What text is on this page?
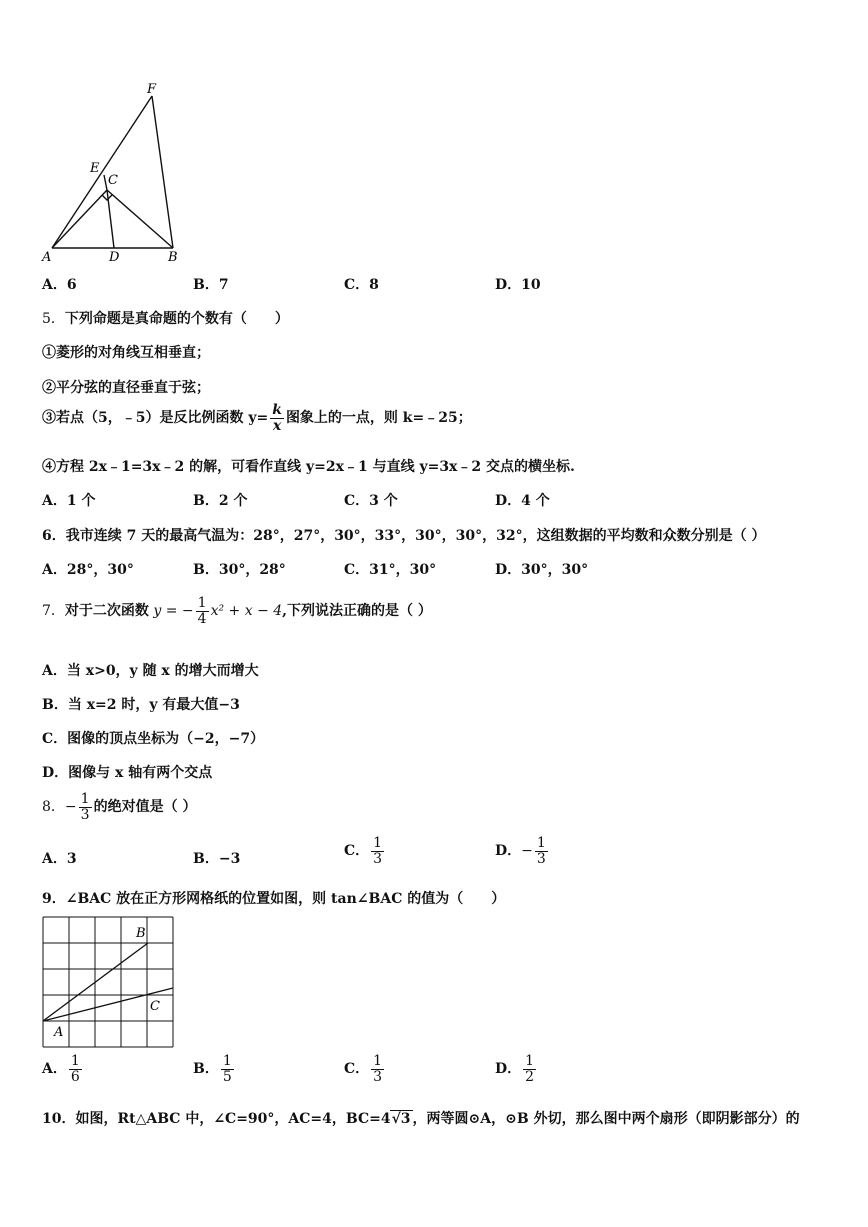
F
E
C
A	D	B
A．6	B．7	C．8	D．10
5．下列命题是真命题的个数有（　　）
①菱形的对角线互相垂直；
②平分弦的直径垂直于弦；
③若点（5，﹣5）是反比例函数 $y= \frac{k}{x}$ 图象上的一点，则 k=﹣25；
④方程 2x﹣1=3x﹣2 的解，可看作直线 y=2x﹣1 与直线 y=3x﹣2 交点的横坐标.
A．1 个	B．2 个	C．3 个	D．4 个
6．我市连续 7 天的最高气温为：28°，27°，30°，33°，30°，30°，32°，这组数据的平均数和众数分别是（ ）
A．28°，30°	B．30°，28°	C．31°，30°	D．30°，30°
7．对于二次函数 y = − $\frac{1}{4} x^2 + x - 4$,下列说法正确的是（ ）
A．当 x>0，y 随 x 的增大而增大
B．当 x=2 时，y 有最大值−3
C．图像的顶点坐标为（−2，−7）
D．图像与 x 轴有两个交点
8．− $\frac{1}{3}$ 的绝对值是（ ）
A．3	B．−3	C． $\frac{1}{3}$	D．− $\frac{1}{3}$
9．∠BAC 放在正方形网格纸的位置如图，则 tan∠BAC 的值为（　　）
A
B
C
A． $\frac{1}{6}$	B． $\frac{1}{5}$	C． $\frac{1}{3}$	D． $\frac{1}{2}$
10．如图，Rt△ABC 中，∠C=90°，AC=4，BC=4√3 ，两等圆⊙A，⊙B 外切，那么图中两个扇形（即阴影部分）的
